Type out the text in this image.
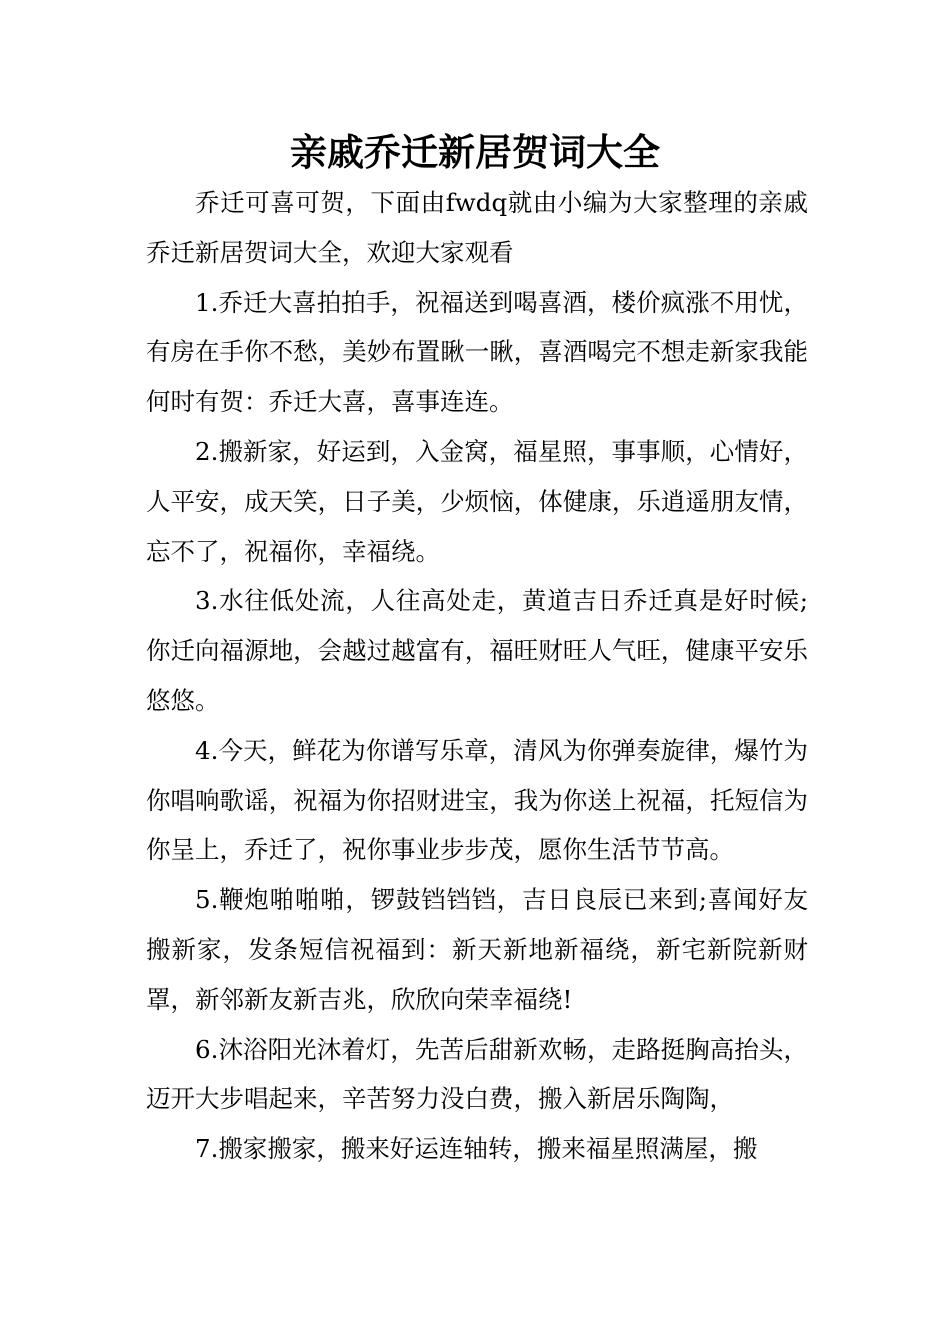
亲戚乔迁新居贺词大全

乔迁可喜可贺，下面由fwdq就由小编为大家整理的亲戚乔迁新居贺词大全，欢迎大家观看

1.乔迁大喜拍拍手，祝福送到喝喜酒，楼价疯涨不用忧，有房在手你不愁，美妙布置瞅一瞅，喜酒喝完不想走新家我能何时有贺：乔迁大喜，喜事连连。

2.搬新家，好运到，入金窝，福星照，事事顺，心情好，人平安，成天笑，日子美，少烦恼，体健康，乐逍遥朋友情，忘不了，祝福你，幸福绕。

3.水往低处流，人往高处走，黄道吉日乔迁真是好时候;你迁向福源地，会越过越富有，福旺财旺人气旺，健康平安乐悠悠。

4.今天，鲜花为你谱写乐章，清风为你弹奏旋律，爆竹为你唱响歌谣，祝福为你招财进宝，我为你送上祝福，托短信为你呈上，乔迁了，祝你事业步步茂，愿你生活节节高。

5.鞭炮啪啪啪，锣鼓铛铛铛，吉日良辰已来到;喜闻好友搬新家，发条短信祝福到：新天新地新福绕，新宅新院新财罩，新邻新友新吉兆，欣欣向荣幸福绕!

6.沐浴阳光沐着灯，先苦后甜新欢畅，走路挺胸高抬头，迈开大步唱起来，辛苦努力没白费，搬入新居乐陶陶，

7.搬家搬家，搬来好运连轴转，搬来福星照满屋，搬
